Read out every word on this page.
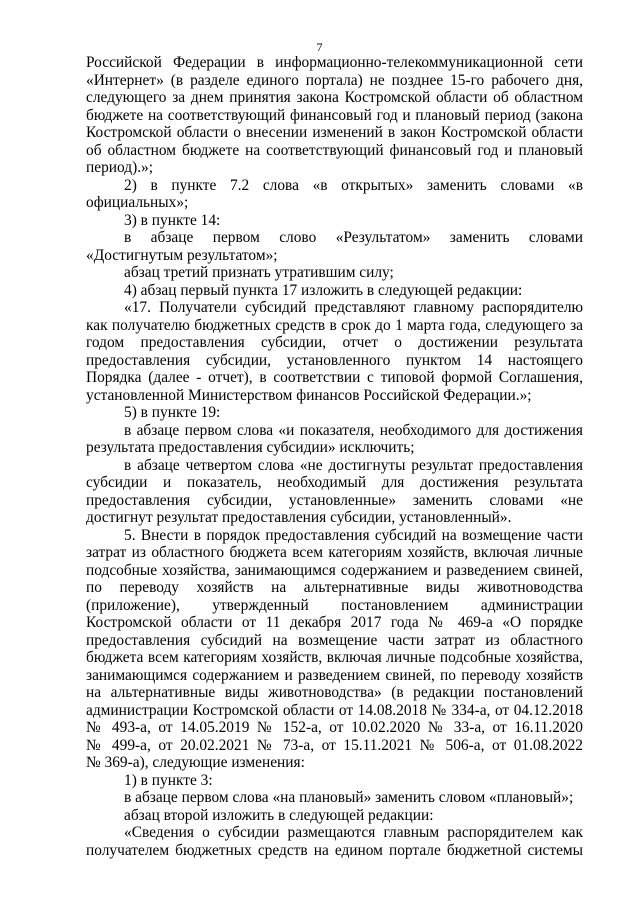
7
Российской Федерации в информационно-телекоммуникационной сети
«Интернет» (в разделе единого портала) не позднее 15-го рабочего дня,
следующего за днем принятия закона Костромской области об областном
бюджете на соответствующий финансовый год и плановый период (закона
Костромской области о внесении изменений в закон Костромской области
об областном бюджете на соответствующий финансовый год и плановый
период).»;
2) в пункте 7.2 слова «в открытых» заменить словами «в
официальных»;
3) в пункте 14:
в абзаце первом слово «Результатом» заменить словами
«Достигнутым результатом»;
абзац третий признать утратившим силу;
4) абзац первый пункта 17 изложить в следующей редакции:
«17. Получатели субсидий представляют главному распорядителю
как получателю бюджетных средств в срок до 1 марта года, следующего за
годом предоставления субсидии, отчет о достижении результата
предоставления субсидии, установленного пунктом 14 настоящего
Порядка (далее - отчет), в соответствии с типовой формой Соглашения,
установленной Министерством финансов Российской Федерации.»;
5) в пункте 19:
в абзаце первом слова «и показателя, необходимого для достижения
результата предоставления субсидии» исключить;
в абзаце четвертом слова «не достигнуты результат предоставления
субсидии и показатель, необходимый для достижения результата
предоставления субсидии, установленные» заменить словами «не
достигнут результат предоставления субсидии, установленный».
5. Внести в порядок предоставления субсидий на возмещение части
затрат из областного бюджета всем категориям хозяйств, включая личные
подсобные хозяйства, занимающимся содержанием и разведением свиней,
по переводу хозяйств на альтернативные виды животноводства
(приложение), утвержденный постановлением администрации
Костромской области от 11 декабря 2017 года № 469-а «О порядке
предоставления субсидий на возмещение части затрат из областного
бюджета всем категориям хозяйств, включая личные подсобные хозяйства,
занимающимся содержанием и разведением свиней, по переводу хозяйств
на альтернативные виды животноводства» (в редакции постановлений
администрации Костромской области от 14.08.2018 № 334-а, от 04.12.2018
№ 493-а, от 14.05.2019 № 152-а, от 10.02.2020 № 33-а, от 16.11.2020
№ 499-а, от 20.02.2021 № 73-а, от 15.11.2021 № 506-а, от 01.08.2022
№ 369-а), следующие изменения:
1) в пункте 3:
в абзаце первом слова «на плановый» заменить словом «плановый»;
абзац второй изложить в следующей редакции:
«Сведения о субсидии размещаются главным распорядителем как
получателем бюджетных средств на едином портале бюджетной системы
